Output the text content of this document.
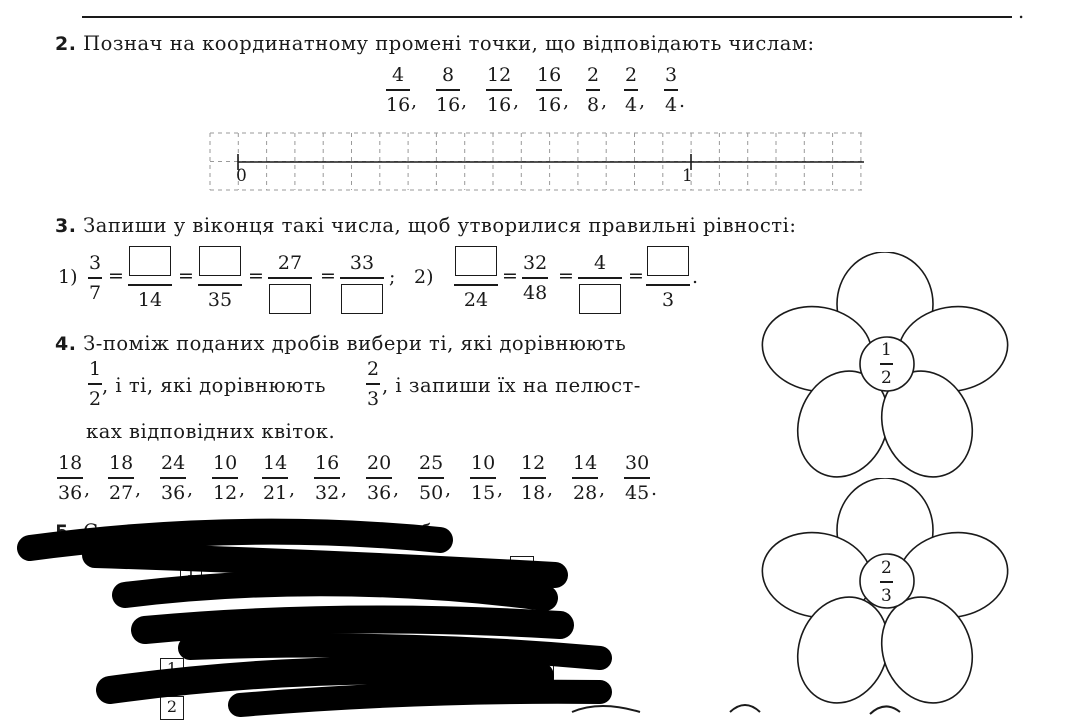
.
2. Познач на координатному промені точки, що відповідають числам:
4
16 ,
8
16 ,
12
16 ,
16
16 ,
2
8 ,
2
4 ,
3
4 .
0	1
3. Запиши у віконця такі числа, щоб утворилися правильні рівності:
1)
3
7
=
14
=
35
=
27
=
33
; 2)
24
=
32
48
=
4
=
3
.
4. З-поміж поданих дробів вибери ті, які дорівнюють
1
2
, і ті, які дорівнюють
2
3
, і запиши їх на пелюст-
ках відповідних квіток.
18
36 ,
18
27 ,
24
36 ,
10
12 ,
14
21 ,
16
32 ,
20
36 ,
25
50 ,
10
15 ,
12
18 ,
14
28 ,
30
45 .
1
2
2
3
5. С	би.
1
1	21
2
